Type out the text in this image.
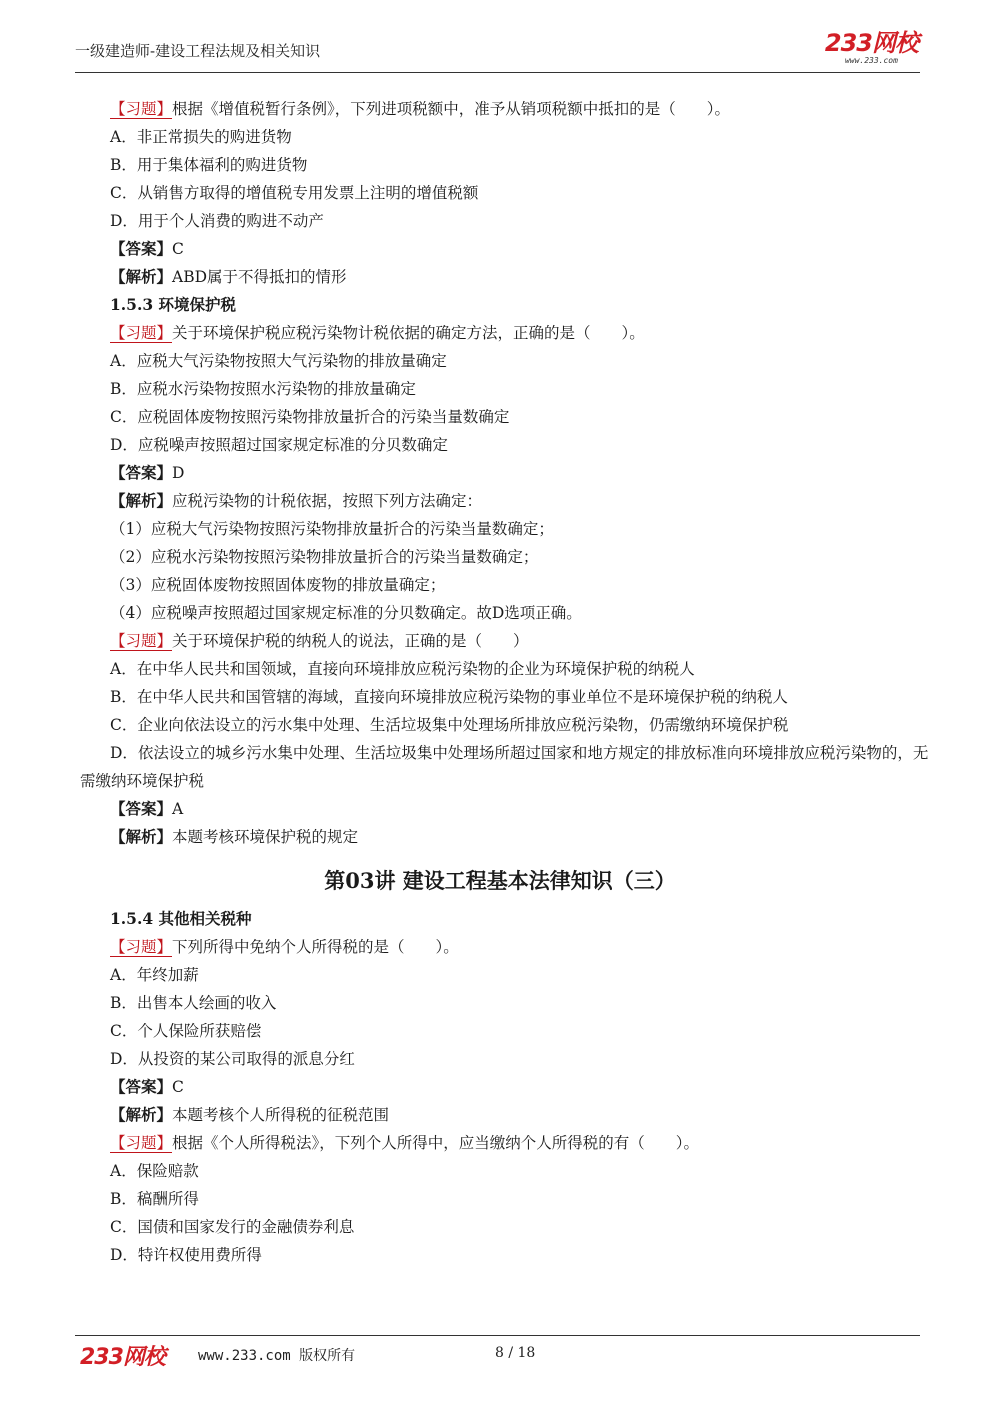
一级建造师-建设工程法规及相关知识	233网校
www.233.com
【习题】根据《增值税暂行条例》，下列进项税额中，准予从销项税额中抵扣的是（　　）。
A．非正常损失的购进货物
B．用于集体福利的购进货物
C．从销售方取得的增值税专用发票上注明的增值税额
D．用于个人消费的购进不动产
【答案】C
【解析】ABD属于不得抵扣的情形
1.5.3 环境保护税
【习题】关于环境保护税应税污染物计税依据的确定方法，正确的是（　　）。
A．应税大气污染物按照大气污染物的排放量确定
B．应税水污染物按照水污染物的排放量确定
C．应税固体废物按照污染物排放量折合的污染当量数确定
D．应税噪声按照超过国家规定标准的分贝数确定
【答案】D
【解析】应税污染物的计税依据，按照下列方法确定：
（1）应税大气污染物按照污染物排放量折合的污染当量数确定；
（2）应税水污染物按照污染物排放量折合的污染当量数确定；
（3）应税固体废物按照固体废物的排放量确定；
（4）应税噪声按照超过国家规定标准的分贝数确定。故D选项正确。
【习题】关于环境保护税的纳税人的说法，正确的是（　　）
A．在中华人民共和国领域，直接向环境排放应税污染物的企业为环境保护税的纳税人
B．在中华人民共和国管辖的海域，直接向环境排放应税污染物的事业单位不是环境保护税的纳税人
C．企业向依法设立的污水集中处理、生活垃圾集中处理场所排放应税污染物，仍需缴纳环境保护税
D．依法设立的城乡污水集中处理、生活垃圾集中处理场所超过国家和地方规定的排放标准向环境排放应税污染物的，无需缴纳环境保护税
【答案】A
【解析】本题考核环境保护税的规定
第03讲 建设工程基本法律知识（三）
1.5.4 其他相关税种
【习题】下列所得中免纳个人所得税的是（　　）。
A．年终加薪
B．出售本人绘画的收入
C．个人保险所获赔偿
D．从投资的某公司取得的派息分红
【答案】C
【解析】本题考核个人所得税的征税范围
【习题】根据《个人所得税法》，下列个人所得中，应当缴纳个人所得税的有（　　）。
A．保险赔款
B．稿酬所得
C．国债和国家发行的金融债券利息
D．特许权使用费所得
233网校 www.233.com 版权所有	8 / 18
